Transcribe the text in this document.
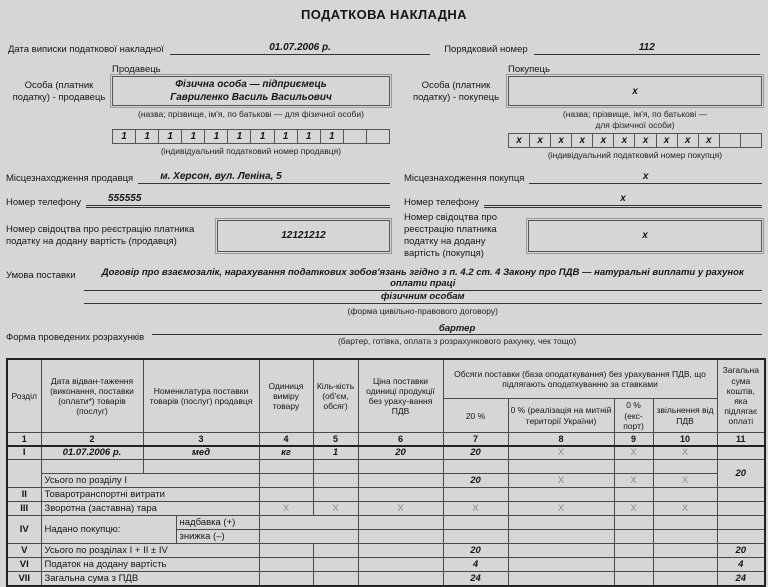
ПОДАТКОВА НАКЛАДНА
Дата виписки податкової накладної	01.07.2006 р.	Порядковий номер	112
Особа (платник податку) - продавець
Продавець
Фізична особа — підприємець
Гавриленко Василь Васильович
(назва; прізвище, ім'я, по батькові — для фізичної особи)
1	1	1	1	1	1	1	1	1	1
(індивідуальний податковий номер продавця)
Особа (платник податку) - покупець
Покупець
х
(назва; прізвище, ім'я, по батькові —
для фізичної особи)
х	х	х	х	х	х	х	х	х	х
(індивідуальний податковий номер покупця)
Місцезнаходження продавця	м. Херсон, вул. Леніна, 5	Місцезнаходження покупця	х
Номер телефону	555555	Номер телефону	х
Номер свідоцтва про реєстрацію платника податку на додану вартість (продавця)	12121212
Номер свідоцтва про реєстрацію платника податку на додану вартість (покупця)
х
Умова поставки	Договір про взаємозалік, нарахування податкових зобов'язань згідно з п. 4.2 ст. 4 Закону про ПДВ — натуральні виплати у рахунок оплати праці
фізичним особам
(форма цивільно-правового договору)
Форма проведених розрахунків
бартер
(бартер, готівка, оплата з розрахункового рахунку, чек тощо)
Розділ	Дата відван-таження (виконання, поставки (оплати*) товарів (послуг)	Номенклатура поставки товарів (послуг) продавця		Одиниця виміру товару	Кіль-кість (об'єм, обсяг)	Ціна поставки одиниці продукції без ураху-вання ПДВ	Обсяги поставки (база оподаткування) без урахування ПДВ, що підлягають оподаткуванню за ставками				Загальна сума коштів, яка підлягає оплаті
							20 %	0 % (реалізація на митній території України)	0 % (екс-порт)	звільнення від ПДВ	
1	2	3		4	5	6	7	8	9	10	11
I	01.07.2006 р.	мед		кг	1	20	20	X	X	X	
											20
	Усього по розділу I						20	X	X	X	
II	Товаротранспортні витрати										
III	Зворотна (заставна) тара			X	X	X	X	X	X	X	
IV	Надано покупцю:		надбавка (+)								
			знижка (–)								
V	Усього по розділах I + II ± IV						20				20
VI	Податок на додану вартість						4				4
VII	Загальна сума з ПДВ						24				24
